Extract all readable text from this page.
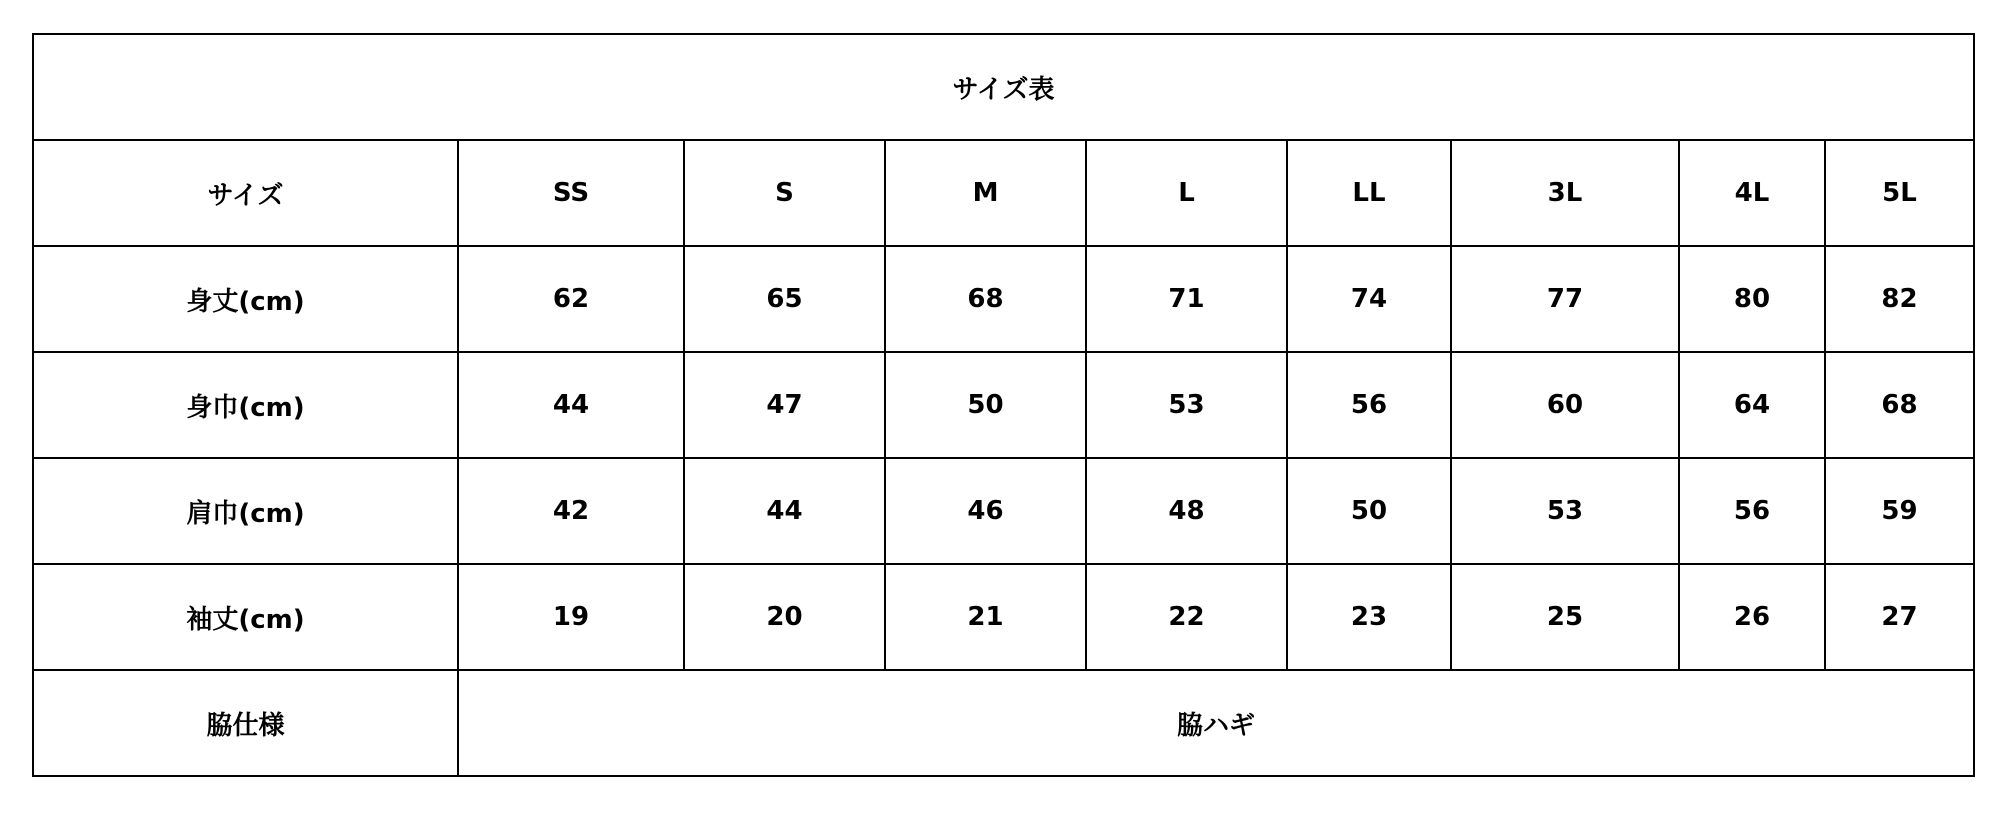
サイズ表								
サイズ	SS	S	M	L	LL	3L	4L	5L
身丈(cm)	62	65	68	71	74	77	80	82
身巾(cm)	44	47	50	53	56	60	64	68
肩巾(cm)	42	44	46	48	50	53	56	59
袖丈(cm)	19	20	21	22	23	25	26	27
脇仕様	脇ハギ							
